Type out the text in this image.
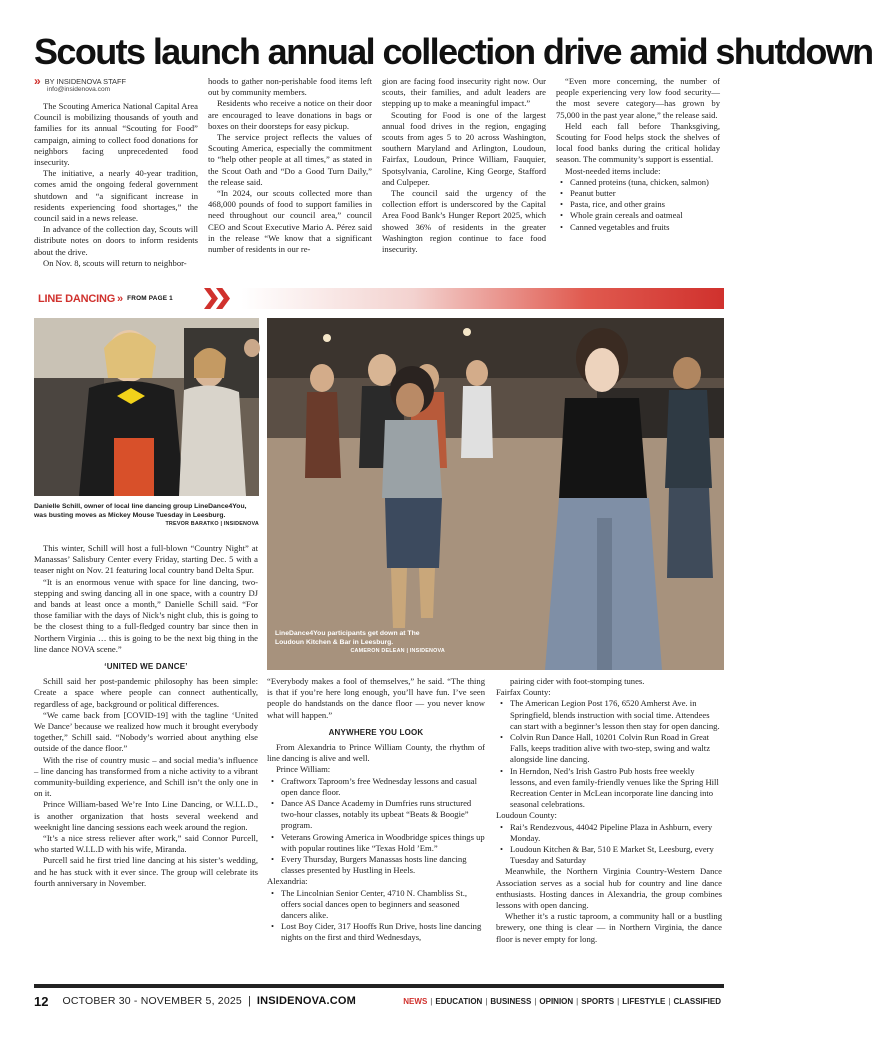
Scouts launch annual collection drive amid shutdown
» BY INSIDENOVA STAFF
info@insidenova.com

The Scouting America National Capital Area Council is mobilizing thousands of youth and families for its annual “Scouting for Food” campaign, aiming to collect food donations for neighbors facing unprecedented food insecurity.

The initiative, a nearly 40-year tradition, comes amid the ongoing federal government shutdown and “a significant increase in residents experiencing food shortages,” the council said in a news release.

In advance of the collection day, Scouts will distribute notes on doors to inform residents about the drive.

On Nov. 8, scouts will return to neighbor-

hoods to gather non-perishable food items left out by community members.

Residents who receive a notice on their door are encouraged to leave donations in bags or boxes on their doorsteps for easy pickup.

The service project reflects the values of Scouting America, especially the commitment to “help other people at all times,” as stated in the Scout Oath and “Do a Good Turn Daily,” the release said.

“In 2024, our scouts collected more than 468,000 pounds of food to support families in need throughout our council area,” council CEO and Scout Executive Mario A. Pérez said in the release “We know that a significant number of residents in our re-

gion are facing food insecurity right now. Our scouts, their families, and adult leaders are stepping up to make a meaningful impact.”

Scouting for Food is one of the largest annual food drives in the region, engaging scouts from ages 5 to 20 across Washington, southern Maryland and Arlington, Loudoun, Fairfax, Loudoun, Prince William, Fauquier, Spotsylvania, Caroline, King George, Stafford and Culpeper.

The council said the urgency of the collection effort is underscored by the Capital Area Food Bank’s Hunger Report 2025, which showed 36% of residents in the greater Washington region continue to face food insecurity.

“Even more concerning, the number of people experiencing very low food security—the most severe category—has grown by 75,000 in the past year alone,” the release said.

Held each fall before Thanksgiving, Scouting for Food helps stock the shelves of local food banks during the critical holiday season. The community’s support is essential.

Most-needed items include:

• Canned proteins (tuna, chicken, salmon)
• Peanut butter
• Pasta, rice, and other grains
• Whole grain cereals and oatmeal
• Canned vegetables and fruits
LINE DANCING » FROM PAGE 1
Danielle Schill, owner of local line dancing group LineDance4You, was busting moves as Mickey Mouse Tuesday in Leesburg.
TREVOR BARATKO | INSIDENOVA
LineDance4You participants get down at The Loudoun Kitchen & Bar in Leesburg.
CAMERON DELEAN | INSIDENOVA

This winter, Schill will host a full-blown “Country Night” at Manassas’ Salisbury Center every Friday, starting Dec. 5 with a teaser night on Nov. 21 featuring local country band Delta Spur.

“It is an enormous venue with space for line dancing, two-stepping and swing dancing all in one space, with a country DJ and bands at least once a month,” Danielle Schill said. “For those familiar with the days of Nick’s night club, this is going to be the closest thing to a full-fledged country bar since then in Northern Virginia … this is going to be the next big thing in the line dance NOVA scene.”

‘UNITED WE DANCE’

Schill said her post-pandemic philosophy has been simple: Create a space where people can connect authentically, regardless of age, background or political differences.

“We came back from [COVID-19] with the tagline ‘United We Dance’ because we realized how much it brought everybody together,” Schill said. “Nobody’s worried about anything else outside of the dance floor.”

With the rise of country music – and social media’s influence – line dancing has transformed from a niche activity to a vibrant community-building experience, and Schill isn’t the only one in on it.

Prince William-based We’re Into Line Dancing, or W.I.L.D., is another organization that hosts several weekend and weeknight line dancing sessions each week around the region.

“It’s a nice stress reliever after work,” said Connor Purcell, who started W.I.L.D with his wife, Miranda.

Purcell said he first tried line dancing at his sister’s wedding, and he has stuck with it ever since. The group will celebrate its fourth anniversary in November.

“Everybody makes a fool of themselves,” he said. “The thing is that if you’re here long enough, you’ll have fun. I’ve seen people do handstands on the dance floor — you never know what will happen.”

ANYWHERE YOU LOOK

From Alexandria to Prince William County, the rhythm of line dancing is alive and well.

Prince William:

• Craftworx Taproom’s free Wednesday lessons and casual open dance floor.
• Dance AS Dance Academy in Dumfries runs structured two-hour classes, notably its upbeat “Beats & Boogie” program.
• Veterans Growing America in Woodbridge spices things up with popular routines like “Texas Hold ’Em.”
• Every Thursday, Burgers Manassas hosts line dancing classes presented by Hustling in Heels.

Alexandria:

• The Lincolnian Senior Center, 4710 N. Chambliss St., offers social dances open to beginners and seasoned dancers alike.
• Lost Boy Cider, 317 Hooffs Run Drive, hosts line dancing nights on the first and third Wednesdays,

pairing cider with foot-stomping tunes.

Fairfax County:

• The American Legion Post 176, 6520 Amherst Ave. in Springfield, blends instruction with social time. Attendees can start with a beginner’s lesson then stay for open dancing.
• Colvin Run Dance Hall, 10201 Colvin Run Road in Great Falls, keeps tradition alive with two-step, swing and waltz alongside line dancing.
• In Herndon, Ned’s Irish Gastro Pub hosts free weekly lessons, and even family-friendly venues like the Spring Hill Recreation Center in McLean incorporate line dancing into seasonal celebrations.

Loudoun County:

• Rai’s Rendezvous, 44042 Pipeline Plaza in Ashburn, every Monday.
• Loudoun Kitchen & Bar, 510 E Market St, Leesburg, every Tuesday and Saturday

Meanwhile, the Northern Virginia Country-Western Dance Association serves as a social hub for country and line dance enthusiasts. Hosting dances in Alexandria, the group combines lessons with open dancing.

Whether it’s a rustic taproom, a community hall or a bustling brewery, one thing is clear — in Northern Virginia, the dance floor is never empty for long.

12 OCTOBER 30 - NOVEMBER 5, 2025 | INSIDENOVA.COM	NEWS | EDUCATION | BUSINESS | OPINION | SPORTS | LIFESTYLE | CLASSIFIED
